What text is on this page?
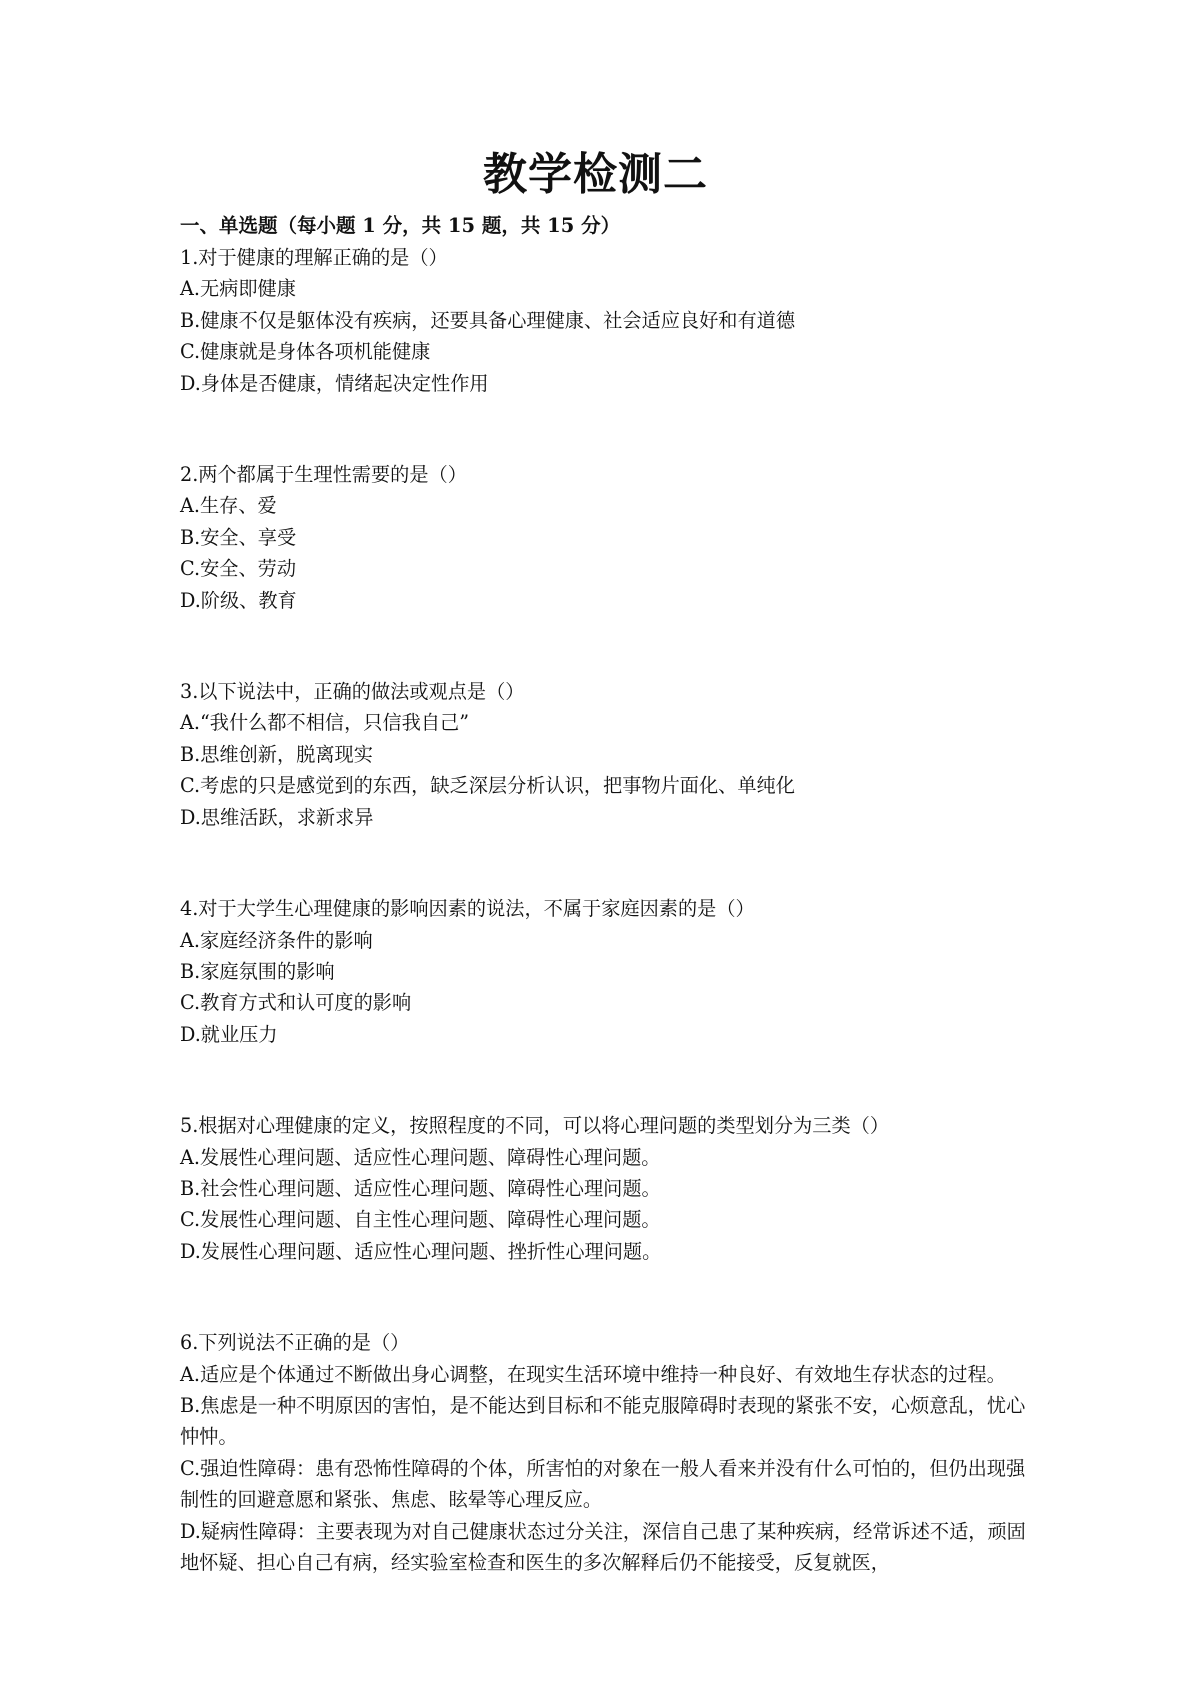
教学检测二
一、单选题（每小题 1 分，共 15 题，共 15 分）

1.对于健康的理解正确的是（）

A.无病即健康

B.健康不仅是躯体没有疾病，还要具备心理健康、社会适应良好和有道德

C.健康就是身体各项机能健康

D.身体是否健康，情绪起决定性作用

2.两个都属于生理性需要的是（）

A.生存、爱

B.安全、享受

C.安全、劳动

D.阶级、教育

3.以下说法中，正确的做法或观点是（）

A.“我什么都不相信，只信我自己”

B.思维创新，脱离现实

C.考虑的只是感觉到的东西，缺乏深层分析认识，把事物片面化、单纯化

D.思维活跃，求新求异

4.对于大学生心理健康的影响因素的说法，不属于家庭因素的是（）

A.家庭经济条件的影响

B.家庭氛围的影响

C.教育方式和认可度的影响

D.就业压力

5.根据对心理健康的定义，按照程度的不同，可以将心理问题的类型划分为三类（）

A.发展性心理问题、适应性心理问题、障碍性心理问题。

B.社会性心理问题、适应性心理问题、障碍性心理问题。

C.发展性心理问题、自主性心理问题、障碍性心理问题。

D.发展性心理问题、适应性心理问题、挫折性心理问题。

6.下列说法不正确的是（）

A.适应是个体通过不断做出身心调整，在现实生活环境中维持一种良好、有效地生存状态的过程。

B.焦虑是一种不明原因的害怕，是不能达到目标和不能克服障碍时表现的紧张不安，心烦意乱，忧心忡忡。

C.强迫性障碍：患有恐怖性障碍的个体，所害怕的对象在一般人看来并没有什么可怕的，但仍出现强制性的回避意愿和紧张、焦虑、眩晕等心理反应。

D.疑病性障碍：主要表现为对自己健康状态过分关注，深信自己患了某种疾病，经常诉述不适，顽固地怀疑、担心自己有病，经实验室检查和医生的多次解释后仍不能接受，反复就医，
